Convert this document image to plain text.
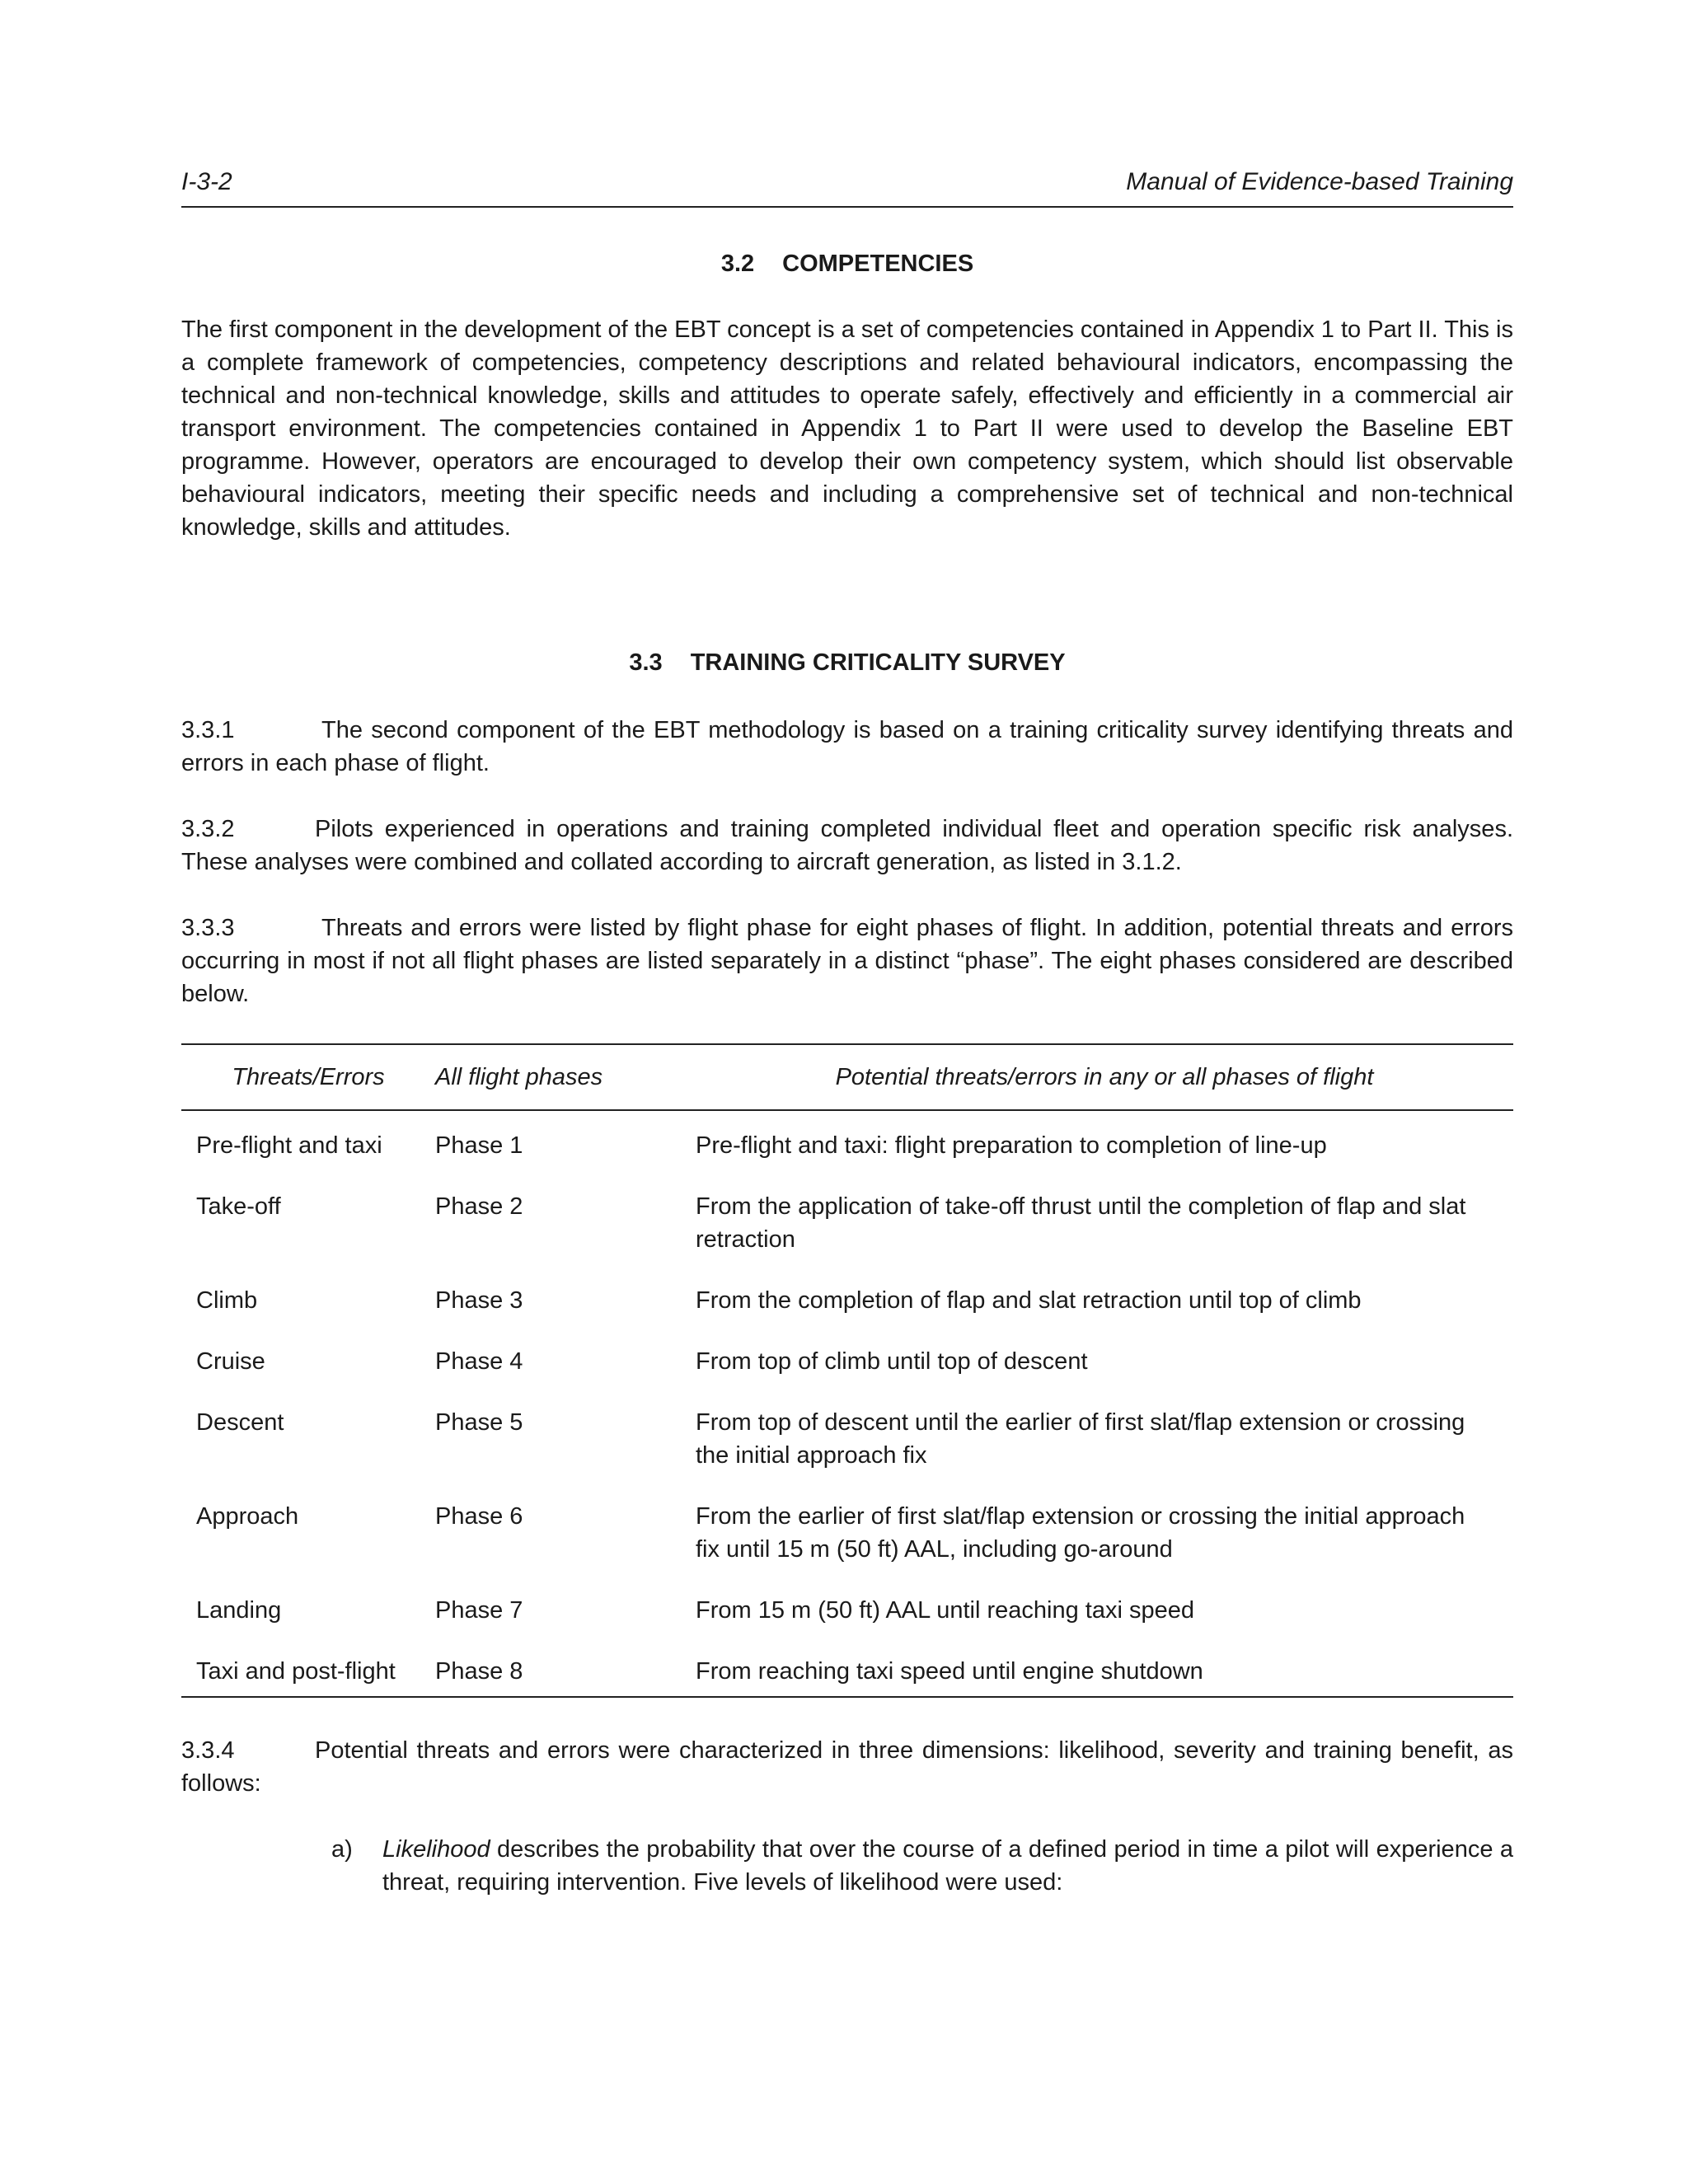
I-3-2	Manual of Evidence-based Training
3.2 COMPETENCIES

The first component in the development of the EBT concept is a set of competencies contained in Appendix 1 to Part II. This is a complete framework of competencies, competency descriptions and related behavioural indicators, encompassing the technical and non-technical knowledge, skills and attitudes to operate safely, effectively and efficiently in a commercial air transport environment. The competencies contained in Appendix 1 to Part II were used to develop the Baseline EBT programme. However, operators are encouraged to develop their own competency system, which should list observable behavioural indicators, meeting their specific needs and including a comprehensive set of technical and non-technical knowledge, skills and attitudes.

3.3 TRAINING CRITICALITY SURVEY

3.3.1	The second component of the EBT methodology is based on a training criticality survey identifying threats and errors in each phase of flight.

3.3.2	Pilots experienced in operations and training completed individual fleet and operation specific risk analyses. These analyses were combined and collated according to aircraft generation, as listed in 3.1.2.

3.3.3	Threats and errors were listed by flight phase for eight phases of flight. In addition, potential threats and errors occurring in most if not all flight phases are listed separately in a distinct “phase”. The eight phases considered are described below.

Threats/Errors	All flight phases	Potential threats/errors in any or all phases of flight
Pre-flight and taxi	Phase 1	Pre-flight and taxi: flight preparation to completion of line-up
Take-off	Phase 2	From the application of take-off thrust until the completion of flap and slat retraction
Climb	Phase 3	From the completion of flap and slat retraction until top of climb
Cruise	Phase 4	From top of climb until top of descent
Descent	Phase 5	From top of descent until the earlier of first slat/flap extension or crossing the initial approach fix
Approach	Phase 6	From the earlier of first slat/flap extension or crossing the initial approach fix until 15 m (50 ft) AAL, including go-around
Landing	Phase 7	From 15 m (50 ft) AAL until reaching taxi speed
Taxi and post-flight	Phase 8	From reaching taxi speed until engine shutdown

3.3.4	Potential threats and errors were characterized in three dimensions: likelihood, severity and training benefit, as follows:

a) Likelihood describes the probability that over the course of a defined period in time a pilot will experience a threat, requiring intervention. Five levels of likelihood were used:
